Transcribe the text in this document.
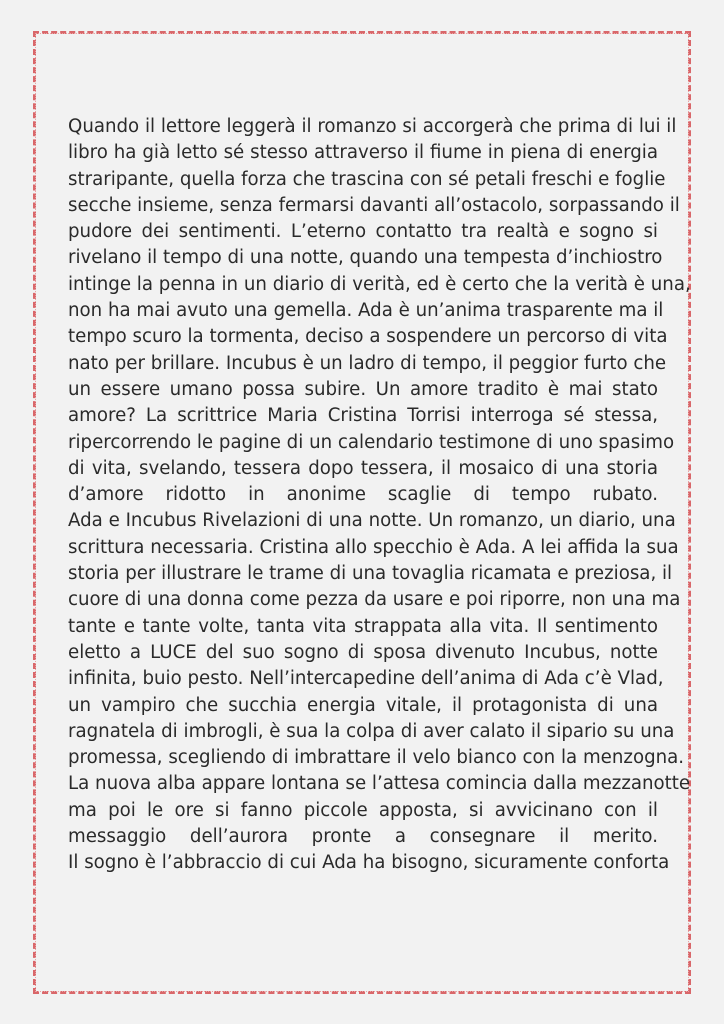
Quando il lettore leggerà il romanzo si accorgerà che prima di lui il
libro ha già letto sé stesso attraverso il fiume in piena di energia
straripante, quella forza che trascina con sé petali freschi e foglie
secche insieme, senza fermarsi davanti all’ostacolo, sorpassando il
pudore dei sentimenti. L’eterno contatto tra realtà e sogno si
rivelano il tempo di una notte, quando una tempesta d’inchiostro
intinge la penna in un diario di verità, ed è certo che la verità è una,
non ha mai avuto una gemella. Ada è un’anima trasparente ma il
tempo scuro la tormenta, deciso a sospendere un percorso di vita
nato per brillare. Incubus è un ladro di tempo, il peggior furto che
un essere umano possa subire. Un amore tradito è mai stato
amore? La scrittrice Maria Cristina Torrisi interroga sé stessa,
ripercorrendo le pagine di un calendario testimone di uno spasimo
di vita, svelando, tessera dopo tessera, il mosaico di una storia
d’amore ridotto in anonime scaglie di tempo rubato.
Ada e Incubus Rivelazioni di una notte. Un romanzo, un diario, una
scrittura necessaria. Cristina allo specchio è Ada. A lei affida la sua
storia per illustrare le trame di una tovaglia ricamata e preziosa, il
cuore di una donna come pezza da usare e poi riporre, non una ma
tante e tante volte, tanta vita strappata alla vita. Il sentimento
eletto a LUCE del suo sogno di sposa divenuto Incubus, notte
infinita, buio pesto. Nell’intercapedine dell’anima di Ada c’è Vlad,
un vampiro che succhia energia vitale, il protagonista di una
ragnatela di imbrogli, è sua la colpa di aver calato il sipario su una
promessa, scegliendo di imbrattare il velo bianco con la menzogna.
La nuova alba appare lontana se l’attesa comincia dalla mezzanotte
ma poi le ore si fanno piccole apposta, si avvicinano con il
messaggio dell’aurora pronte a consegnare il merito.
Il sogno è l’abbraccio di cui Ada ha bisogno, sicuramente conforta
